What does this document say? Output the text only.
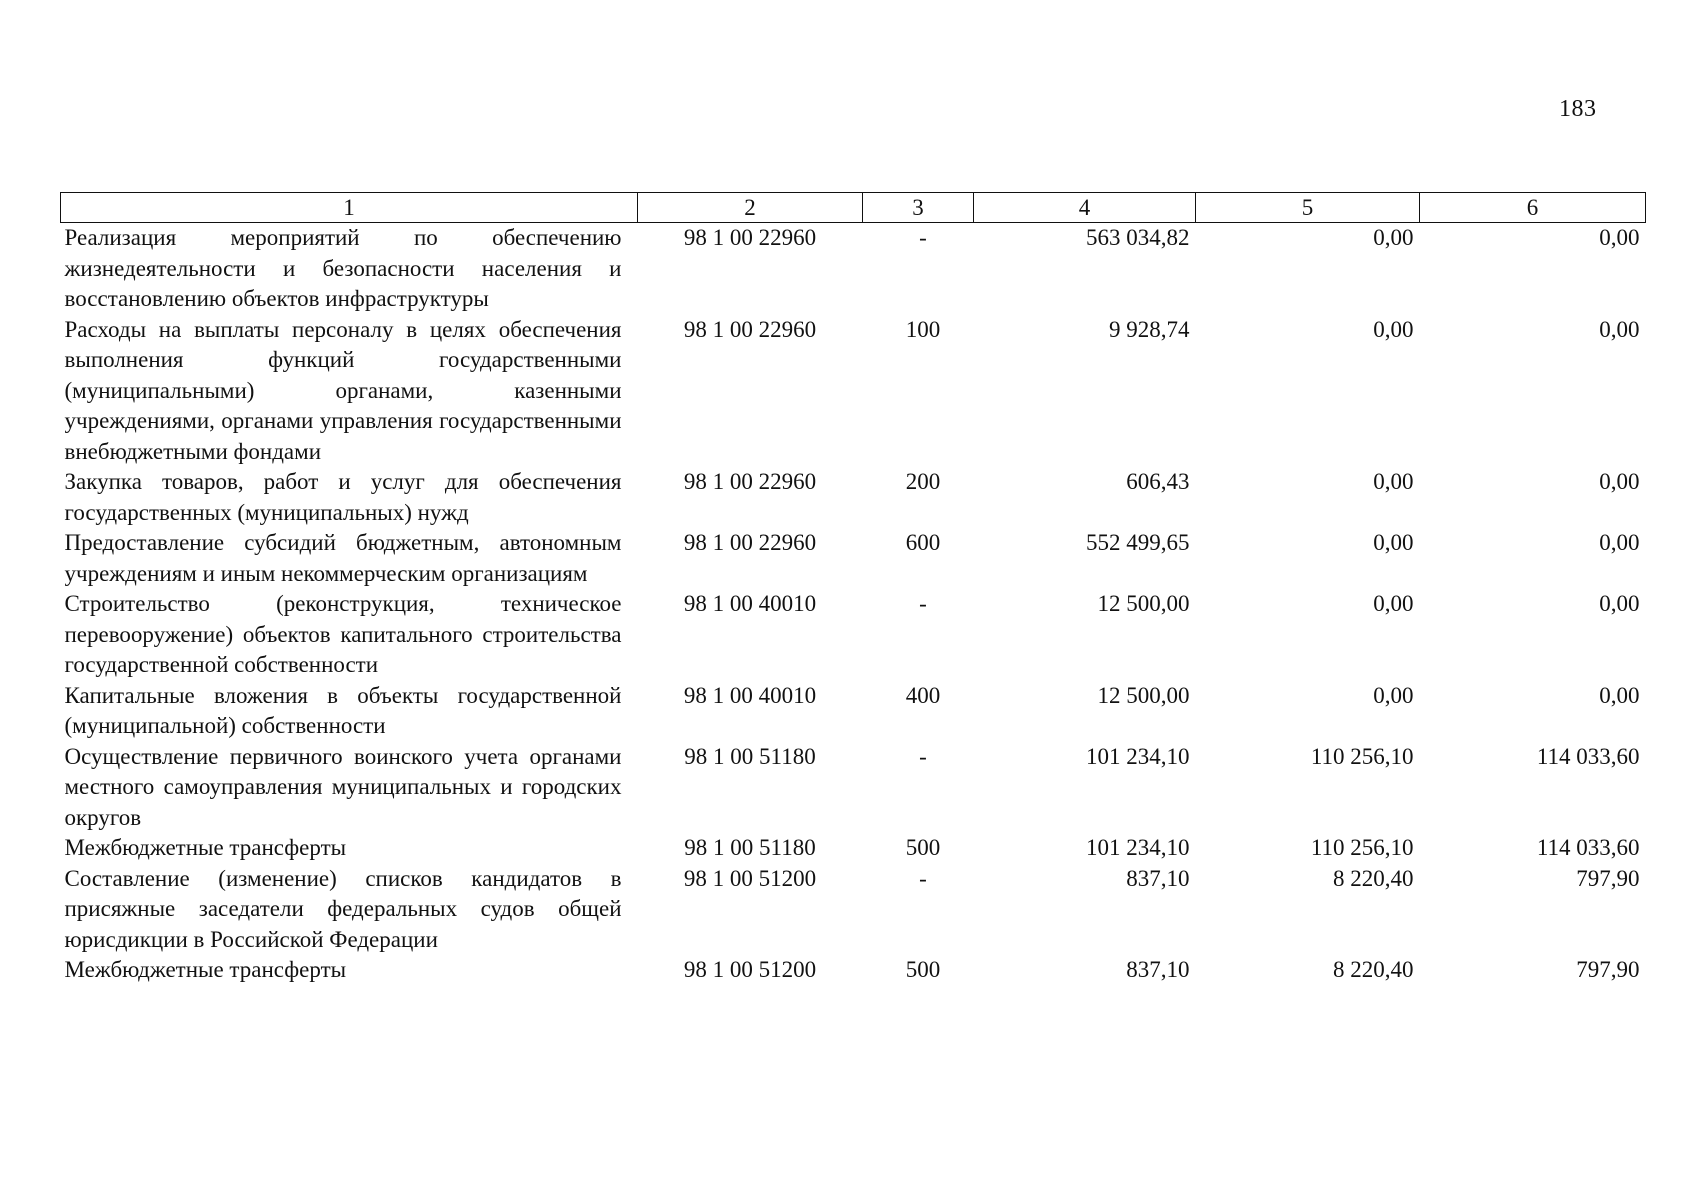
183
1	2	3	4	5	6
Реализация мероприятий по обеспечению жизнедеятельности и безопасности населения и восстановлению объектов инфраструктуры	98 1 00 22960	-	563 034,82	0,00	0,00
Расходы на выплаты персоналу в целях обеспечения выполнения функций государственными (муниципальными) органами, казенными учреждениями, органами управления государственными внебюджетными фондами	98 1 00 22960	100	9 928,74	0,00	0,00
Закупка товаров, работ и услуг для обеспечения государственных (муниципальных) нужд	98 1 00 22960	200	606,43	0,00	0,00
Предоставление субсидий бюджетным, автономным учреждениям и иным некоммерческим организациям	98 1 00 22960	600	552 499,65	0,00	0,00
Строительство (реконструкция, техническое перевооружение) объектов капитального строительства государственной собственности	98 1 00 40010	-	12 500,00	0,00	0,00
Капитальные вложения в объекты государственной (муниципальной) собственности	98 1 00 40010	400	12 500,00	0,00	0,00
Осуществление первичного воинского учета органами местного самоуправления муниципальных и городских округов	98 1 00 51180	-	101 234,10	110 256,10	114 033,60
Межбюджетные трансферты	98 1 00 51180	500	101 234,10	110 256,10	114 033,60
Составление (изменение) списков кандидатов в присяжные заседатели федеральных судов общей юрисдикции в Российской Федерации	98 1 00 51200	-	837,10	8 220,40	797,90
Межбюджетные трансферты	98 1 00 51200	500	837,10	8 220,40	797,90
